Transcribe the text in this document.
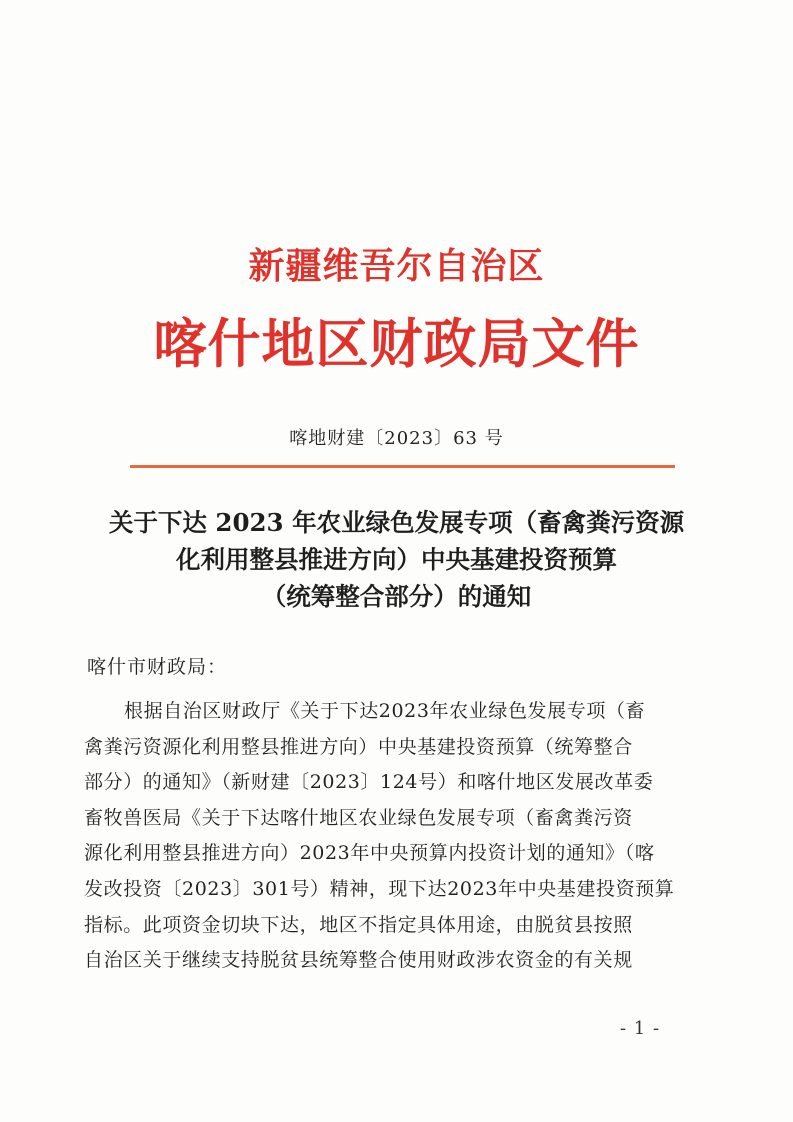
新疆维吾尔自治区
喀什地区财政局文件
喀地财建〔2023〕63 号
关于下达 2023 年农业绿色发展专项（畜禽粪污资源
化利用整县推进方向）中央基建投资预算
（统筹整合部分）的通知
喀什市财政局：
根据自治区财政厅《关于下达2023年农业绿色发展专项（畜
禽粪污资源化利用整县推进方向）中央基建投资预算（统筹整合
部分）的通知》（新财建〔2023〕124号）和喀什地区发展改革委
畜牧兽医局《关于下达喀什地区农业绿色发展专项（畜禽粪污资
源化利用整县推进方向）2023年中央预算内投资计划的通知》（喀
发改投资〔2023〕301号）精神，现下达2023年中央基建投资预算
指标。此项资金切块下达，地区不指定具体用途，由脱贫县按照
自治区关于继续支持脱贫县统筹整合使用财政涉农资金的有关规
- 1 -
